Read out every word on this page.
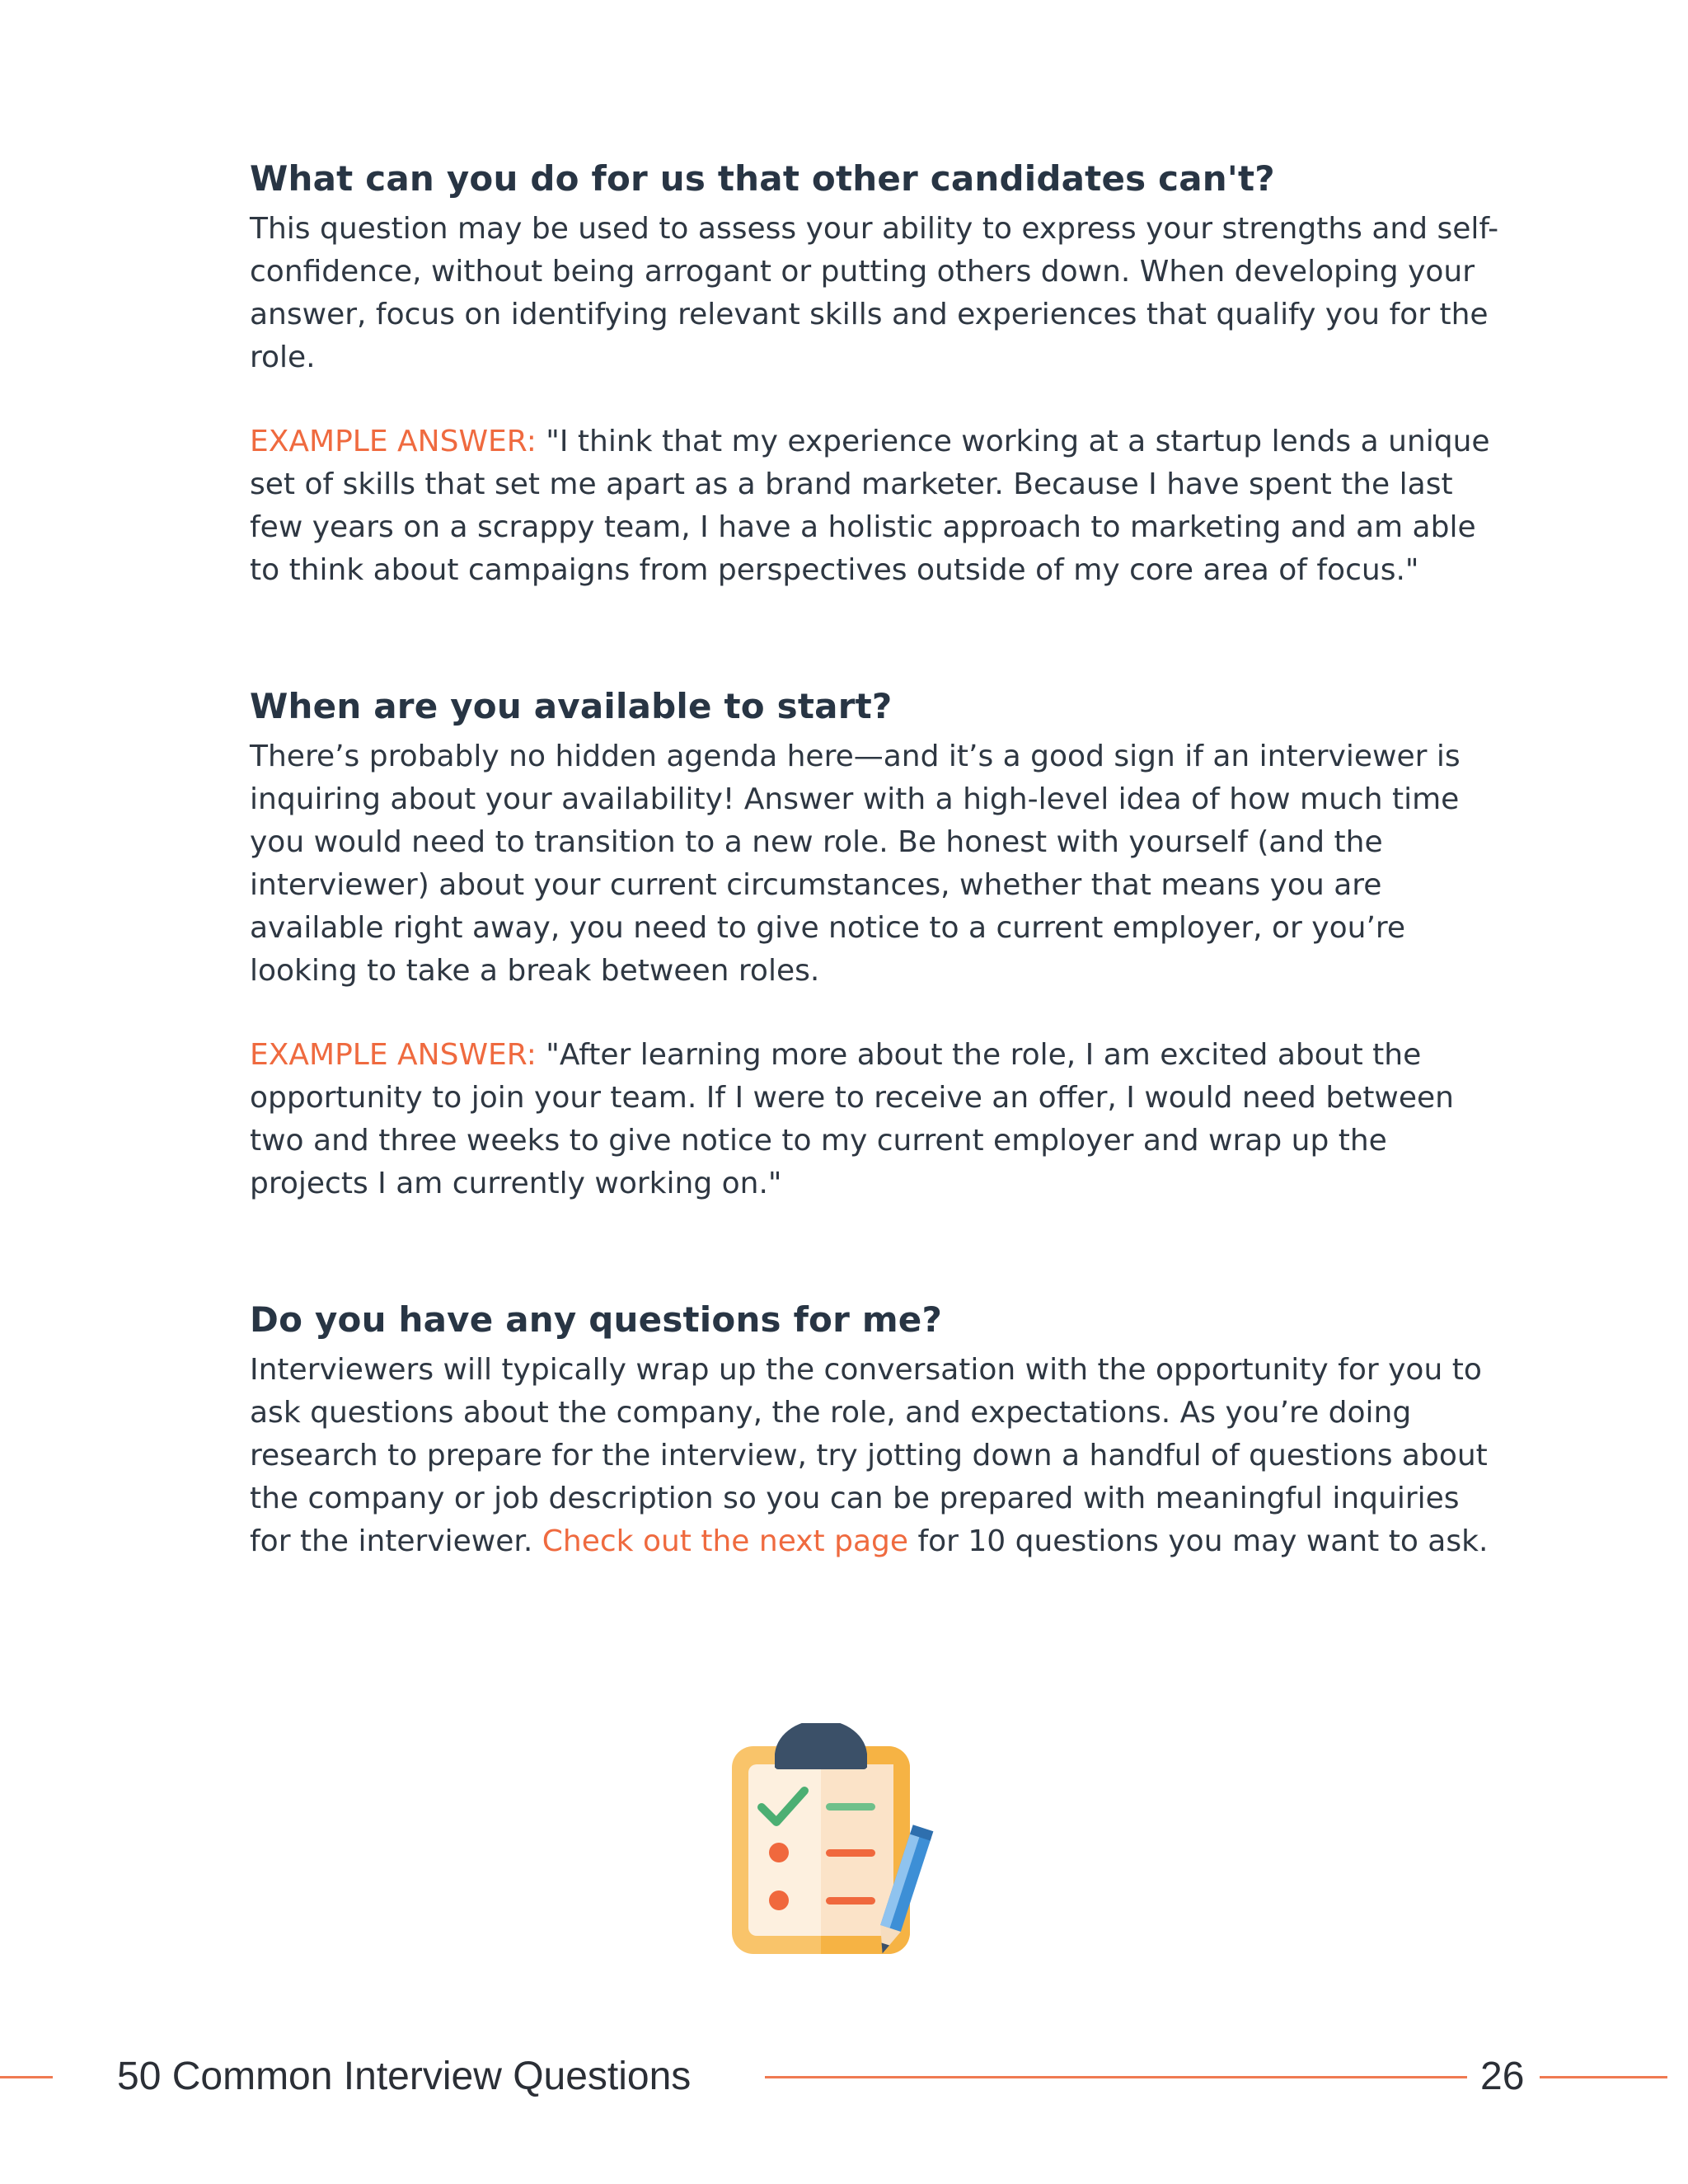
What can you do for us that other candidates can't?

This question may be used to assess your ability to express your strengths and self-confidence, without being arrogant or putting others down. When developing your answer, focus on identifying relevant skills and experiences that qualify you for the role.

EXAMPLE ANSWER: "I think that my experience working at a startup lends a unique set of skills that set me apart as a brand marketer. Because I have spent the last few years on a scrappy team, I have a holistic approach to marketing and am able to think about campaigns from perspectives outside of my core area of focus."

When are you available to start?

There’s probably no hidden agenda here—and it’s a good sign if an interviewer is inquiring about your availability! Answer with a high-level idea of how much time you would need to transition to a new role. Be honest with yourself (and the interviewer) about your current circumstances, whether that means you are available right away, you need to give notice to a current employer, or you’re looking to take a break between roles.

EXAMPLE ANSWER: "After learning more about the role, I am excited about the opportunity to join your team. If I were to receive an offer, I would need between two and three weeks to give notice to my current employer and wrap up the projects I am currently working on."

Do you have any questions for me?

Interviewers will typically wrap up the conversation with the opportunity for you to ask questions about the company, the role, and expectations. As you’re doing research to prepare for the interview, try jotting down a handful of questions about the company or job description so you can be prepared with meaningful inquiries for the interviewer. Check out the next page for 10 questions you may want to ask.

50 Common Interview Questions	26
